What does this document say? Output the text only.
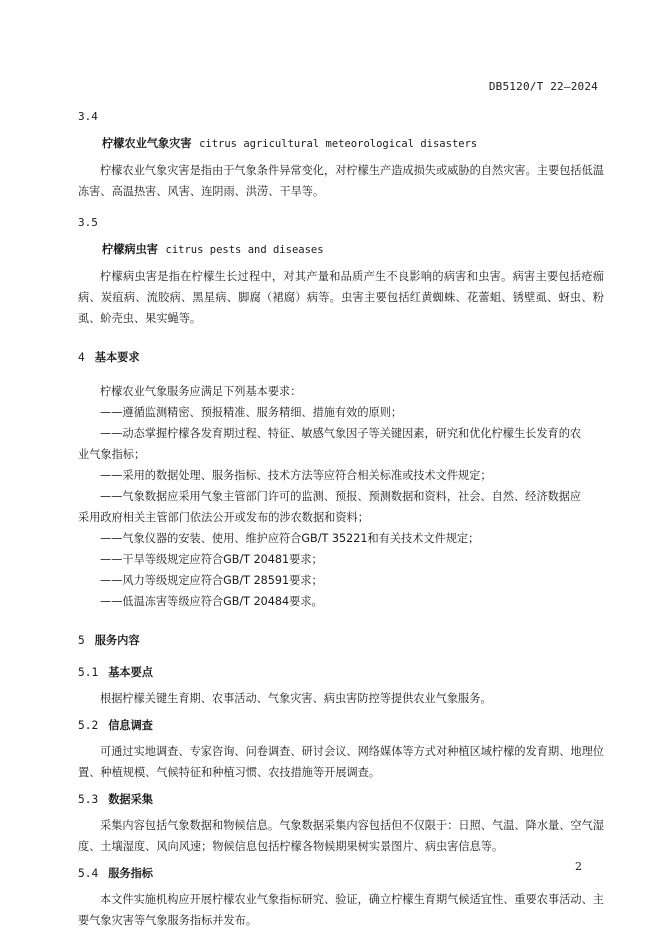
DB5120/T 22—2024
3.4
柠檬农业气象灾害 citrus agricultural meteorological disasters

柠檬农业气象灾害是指由于气象条件异常变化，对柠檬生产造成损失或威胁的自然灾害。主要包括低温冻害、高温热害、风害、连阴雨、洪涝、干旱等。

3.5
柠檬病虫害 citrus pests and diseases

柠檬病虫害是指在柠檬生长过程中，对其产量和品质产生不良影响的病害和虫害。病害主要包括疮痂病、炭疽病、流胶病、黑星病、脚腐（裙腐）病等。虫害主要包括红黄蜘蛛、花蕾蛆、锈壁虱、蚜虫、粉虱、蚧壳虫、果实蝇等。

4 基本要求

柠檬农业气象服务应满足下列基本要求：

——遵循监测精密、预报精准、服务精细、措施有效的原则；

——动态掌握柠檬各发育期过程、特征、敏感气象因子等关键因素，研究和优化柠檬生长发育的农

业气象指标；

——采用的数据处理、服务指标、技术方法等应符合相关标准或技术文件规定；

——气象数据应采用气象主管部门许可的监测、预报、预测数据和资料，社会、自然、经济数据应

采用政府相关主管部门依法公开或发布的涉农数据和资料；

——气象仪器的安装、使用、维护应符合GB/T 35221和有关技术文件规定；

——干旱等级规定应符合GB/T 20481要求；

——风力等级规定应符合GB/T 28591要求；

——低温冻害等级应符合GB/T 20484要求。

5 服务内容
5.1 基本要点

根据柠檬关键生育期、农事活动、气象灾害、病虫害防控等提供农业气象服务。

5.2 信息调查

可通过实地调查、专家咨询、问卷调查、研讨会议、网络媒体等方式对种植区域柠檬的发育期、地理位置、种植规模、气候特征和种植习惯、农技措施等开展调查。

5.3 数据采集

采集内容包括气象数据和物候信息。气象数据采集内容包括但不仅限于：日照、气温、降水量、空气湿度、土壤湿度、风向风速；物候信息包括柠檬各物候期果树实景图片、病虫害信息等。

5.4 服务指标

本文件实施机构应开展柠檬农业气象指标研究、验证，确立柠檬生育期气候适宜性、重要农事活动、主要气象灾害等气象服务指标并发布。

2
